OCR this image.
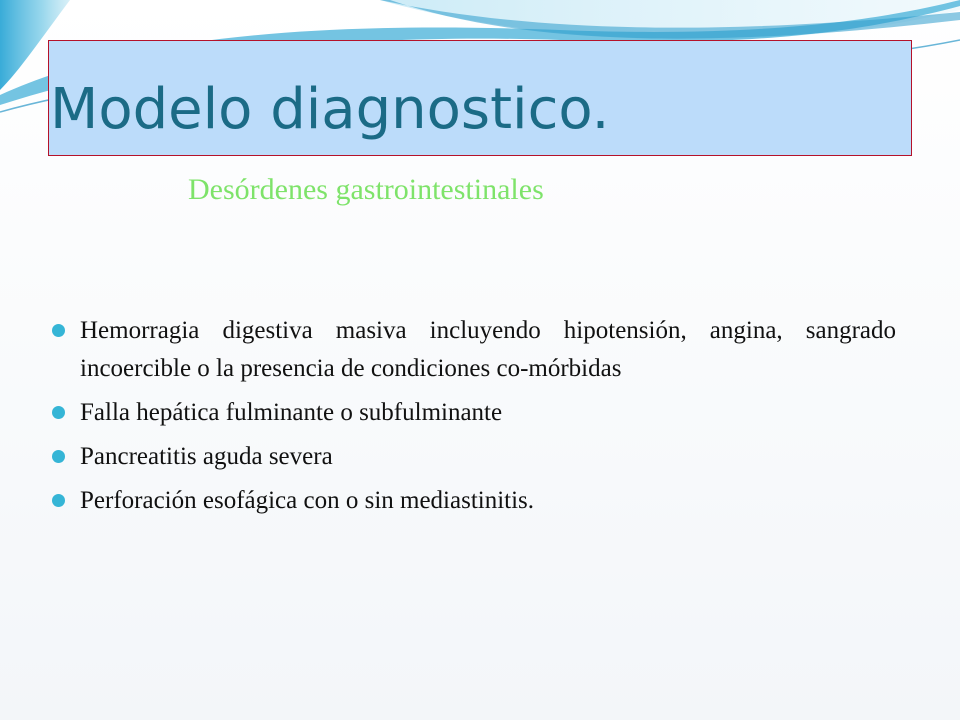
Modelo diagnostico.
Desórdenes gastrointestinales
Hemorragia digestiva masiva incluyendo hipotensión, angina, sangrado incoercible o la presencia de condiciones co-mórbidas
Falla hepática fulminante o subfulminante
Pancreatitis aguda severa
Perforación esofágica con o sin mediastinitis.
